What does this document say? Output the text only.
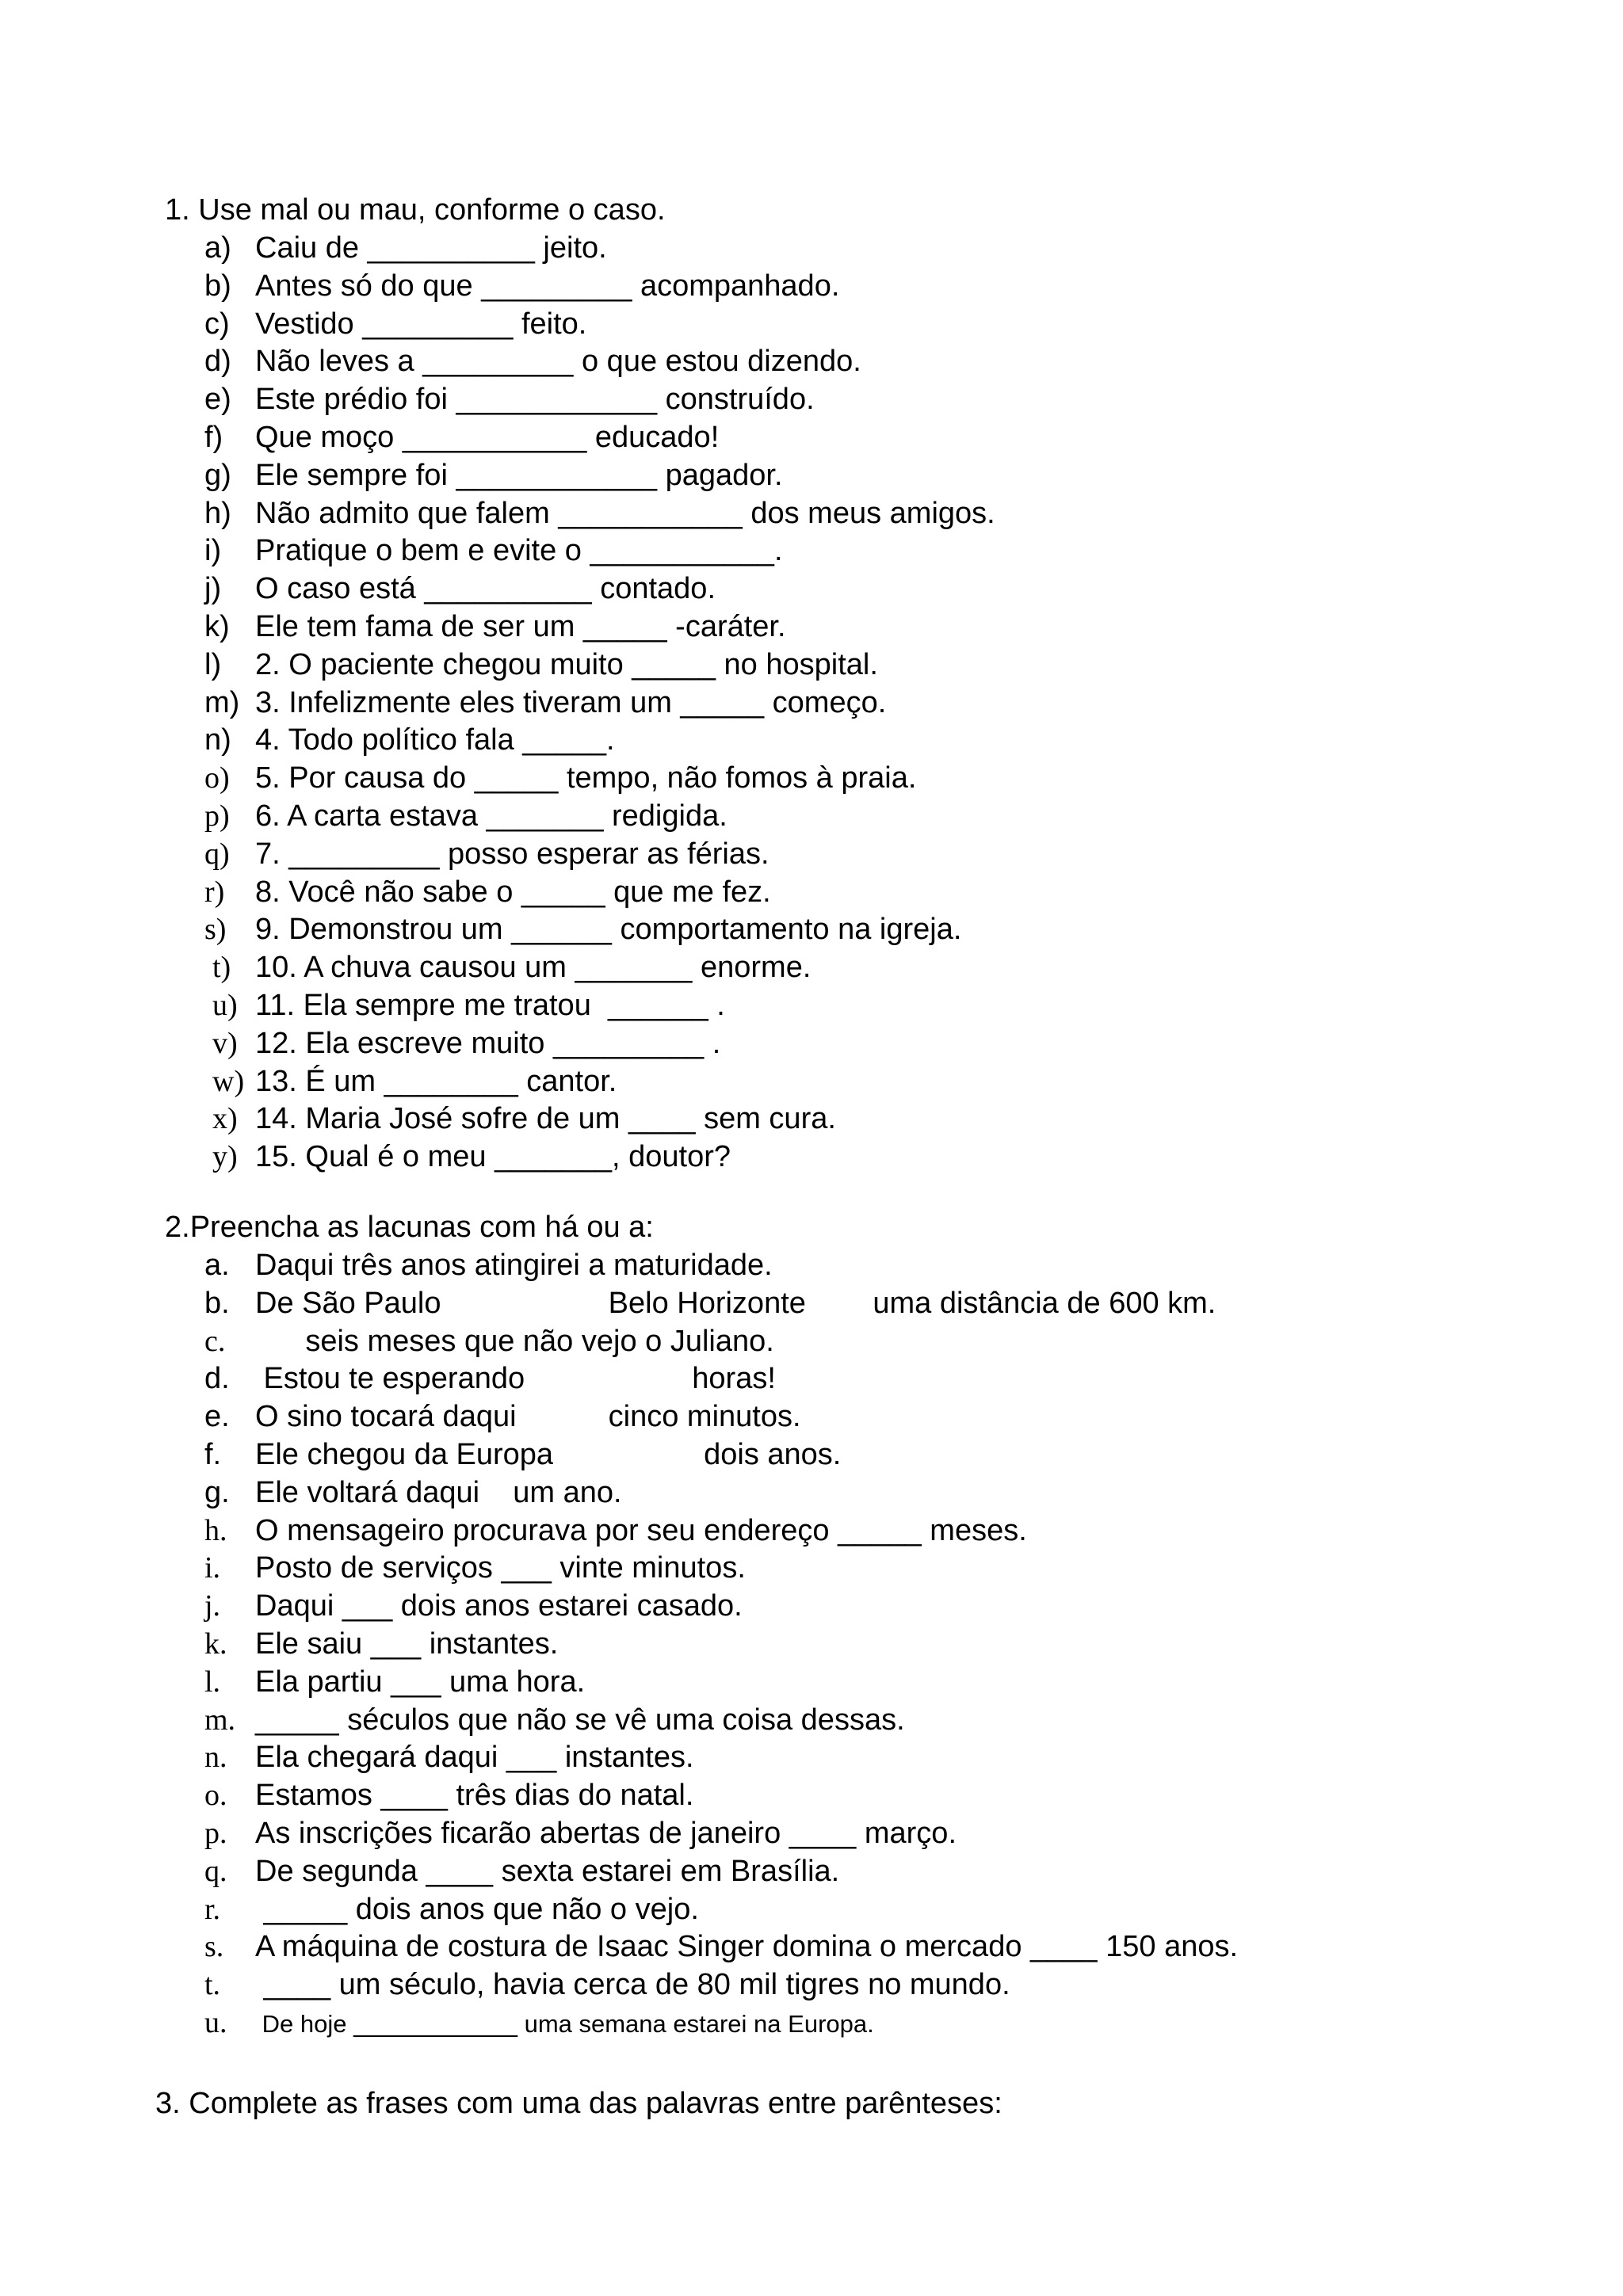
1. Use mal ou mau, conforme o caso.
a) Caiu de __________ jeito.
b) Antes só do que _________ acompanhado.
c) Vestido _________ feito.
d) Não leves a _________ o que estou dizendo.
e) Este prédio foi ____________ construído.
f)	Que moço ___________ educado!
g) Ele sempre foi ____________ pagador.
h) Não admito que falem ___________ dos meus amigos.
i)	Pratique o bem e evite o ___________.
j)	O caso está __________ contado.
k) Ele tem fama de ser um _____ -caráter.
l)	2. O paciente chegou muito _____ no hospital.
m) 3. Infelizmente eles tiveram um _____ começo.
n) 4. Todo político fala _____.
o) 5. Por causa do _____ tempo, não fomos à praia.
p) 6. A carta estava _______ redigida.
q) 7. _________ posso esperar as férias.
r)	8. Você não sabe o _____ que me fez.
s) 9. Demonstrou um ______ comportamento na igreja.
t) 10. A chuva causou um _______ enorme.
u) 11. Ela sempre me tratou  ______ .
v) 12. Ela escreve muito _________ .
w) 13. É um ________ cantor.
x) 14. Maria José sofre de um ____ sem cura.
y) 15. Qual é o meu _______, doutor?
2.Preencha as lacunas com há ou a:
a. Daqui três anos atingirei a maturidade.
b. De São Paulo                    Belo Horizonte        uma distância de 600 km.
c. seis meses que não vejo o Juliano.
d. Estou te esperando                    horas!
e. O sino tocará daqui           cinco minutos.
f.	Ele chegou da Europa                  dois anos.
g. Ele voltará daqui    um ano.
h. O mensageiro procurava por seu endereço _____ meses.
i.	Posto de serviços ___ vinte minutos.
j.	Daqui ___ dois anos estarei casado.
k. Ele saiu ___ instantes.
l.	Ela partiu ___ uma hora.
m. _____ séculos que não se vê uma coisa dessas.
n. Ela chegará daqui ___ instantes.
o. Estamos ____ três dias do natal.
p. As inscrições ficarão abertas de janeiro ____ março.
q. De segunda ____ sexta estarei em Brasília.
r.	_____ dois anos que não o vejo.
s.	A máquina de costura de Isaac Singer domina o mercado ____ 150 anos.
t.	____ um século, havia cerca de 80 mil tigres no mundo.
u.	De hoje ____________ uma semana estarei na Europa.
3. Complete as frases com uma das palavras entre parênteses:
